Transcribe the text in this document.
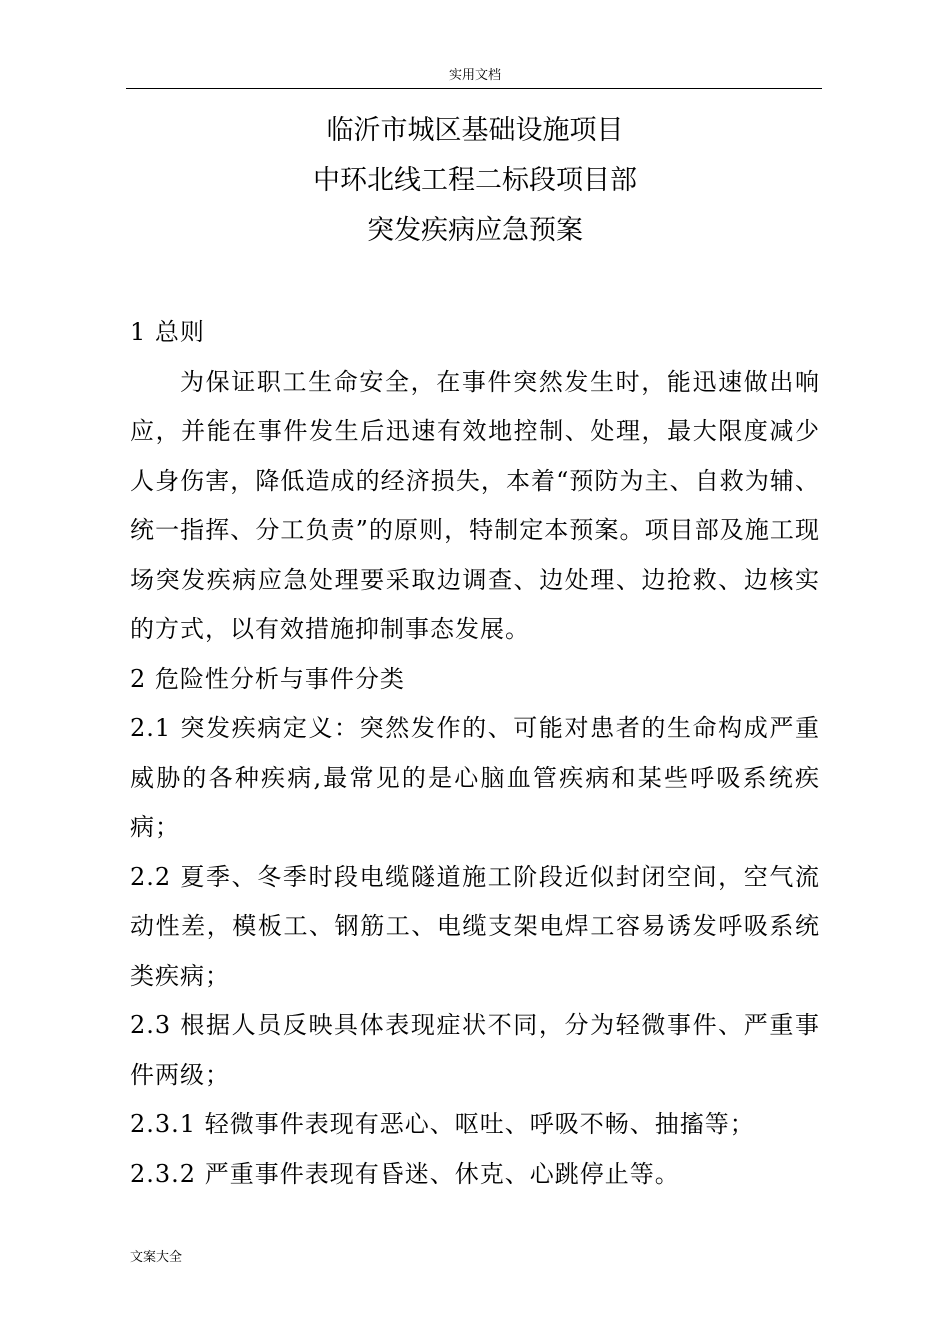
实用文档
临沂市城区基础设施项目
中环北线工程二标段项目部
突发疾病应急预案

1 总则

为保证职工生命安全，在事件突然发生时，能迅速做出响应，并能在事件发生后迅速有效地控制、处理，最大限度减少人身伤害，降低造成的经济损失，本着“预防为主、自救为辅、统一指挥、分工负责”的原则，特制定本预案。项目部及施工现场突发疾病应急处理要采取边调查、边处理、边抢救、边核实的方式，以有效措施抑制事态发展。

2 危险性分析与事件分类

2.1 突发疾病定义：突然发作的、可能对患者的生命构成严重威胁的各种疾病,最常见的是心脑血管疾病和某些呼吸系统疾病；

2.2 夏季、冬季时段电缆隧道施工阶段近似封闭空间，空气流动性差，模板工、钢筋工、电缆支架电焊工容易诱发呼吸系统类疾病；

2.3 根据人员反映具体表现症状不同，分为轻微事件、严重事件两级；

2.3.1 轻微事件表现有恶心、呕吐、呼吸不畅、抽搐等；

2.3.2 严重事件表现有昏迷、休克、心跳停止等。

文案大全
